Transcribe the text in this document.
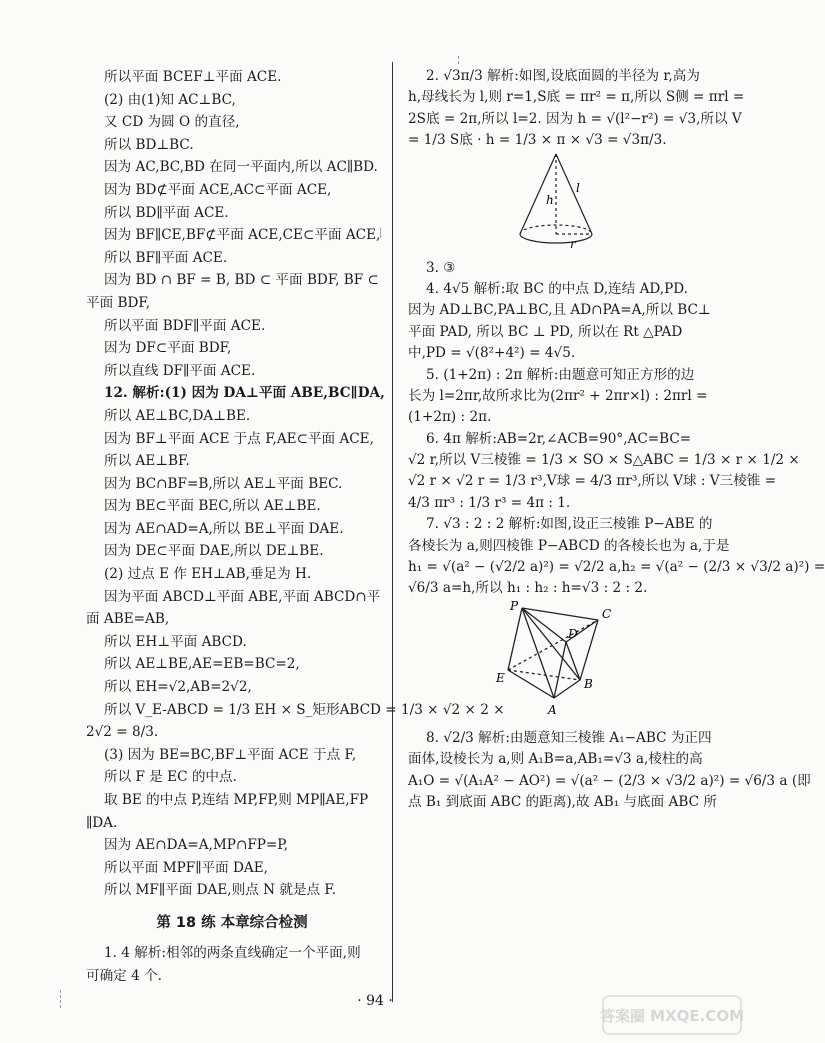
所以平面 BCEF⊥平面 ACE.
(2) 由(1)知 AC⊥BC,
又 CD 为圆 O 的直径,
所以 BD⊥BC.
因为 AC,BC,BD 在同一平面内,所以 AC∥BD.
因为 BD⊄平面 ACE,AC⊂平面 ACE,
所以 BD∥平面 ACE.
因为 BF∥CE,BF⊄平面 ACE,CE⊂平面 ACE,
所以 BF∥平面 ACE.
因为 BD ∩ BF = B, BD ⊂ 平面 BDF, BF ⊂
平面 BDF,
所以平面 BDF∥平面 ACE.
因为 DF⊂平面 BDF,
所以直线 DF∥平面 ACE.
12. 解析:(1) 因为 DA⊥平面 ABE,BC∥DA,
所以 AE⊥BC,DA⊥BE.
因为 BF⊥平面 ACE 于点 F,AE⊂平面 ACE,
所以 AE⊥BF.
因为 BC∩BF=B,所以 AE⊥平面 BEC.
因为 BE⊂平面 BEC,所以 AE⊥BE.
因为 AE∩AD=A,所以 BE⊥平面 DAE.
因为 DE⊂平面 DAE,所以 DE⊥BE.
(2) 过点 E 作 EH⊥AB,垂足为 H.
因为平面 ABCD⊥平面 ABE,平面 ABCD∩平
面 ABE=AB,
所以 EH⊥平面 ABCD.
所以 AE⊥BE,AE=EB=BC=2,
所以 EH=√2,AB=2√2,
所以 V_E-ABCD = 1/3 EH × S_矩形ABCD = 1/3 × √2 × 2 ×
2√2 = 8/3.
(3) 因为 BE=BC,BF⊥平面 ACE 于点 F,
所以 F 是 EC 的中点.
取 BE 的中点 P,连结 MP,FP,则 MP∥AE,FP
∥DA.
因为 AE∩DA=A,MP∩FP=P,
所以平面 MPF∥平面 DAE,
所以 MF∥平面 DAE,则点 N 就是点 F.
第 18 练 本章综合检测
1. 4 解析:相邻的两条直线确定一个平面,则
可确定 4 个.
2. √3π/3 解析:如图,设底面圆的半径为 r,高为
h,母线长为 l,则 r=1,S底 = πr² = π,所以 S侧 = πrl =
2S底 = 2π,所以 l=2. 因为 h = √(l²−r²) = √3,所以 V
= 1/3 S底 · h = 1/3 × π × √3 = √3π/3.
h
l
r
3. ③
4. 4√5 解析:取 BC 的中点 D,连结 AD,PD.
因为 AD⊥BC,PA⊥BC,且 AD∩PA=A,所以 BC⊥
平面 PAD, 所以 BC ⊥ PD, 所以在 Rt △PAD
中,PD = √(8²+4²) = 4√5.
5. (1+2π) : 2π 解析:由题意可知正方形的边
长为 l=2πr,故所求比为(2πr² + 2πr×l) : 2πrl =
(1+2π) : 2π.
6. 4π 解析:AB=2r,∠ACB=90°,AC=BC=
√2 r,所以 V三棱锥 = 1/3 × SO × S△ABC = 1/3 × r × 1/2 ×
√2 r × √2 r = 1/3 r³,V球 = 4/3 πr³,所以 V球 : V三棱锥 =
4/3 πr³ : 1/3 r³ = 4π : 1.
7. √3 : 2 : 2 解析:如图,设正三棱锥 P−ABE 的
各棱长为 a,则四棱锥 P−ABCD 的各棱长也为 a,于是
h₁ = √(a² − (√2/2 a)²) = √2/2 a,h₂ = √(a² − (2/3 × √3/2 a)²) =
√6/3 a=h,所以 h₁ : h₂ : h=√3 : 2 : 2.
P
C
D
E	B
A
8. √2/3 解析:由题意知三棱锥 A₁−ABC 为正四
面体,设棱长为 a,则 A₁B=a,AB₁=√3 a,棱柱的高
A₁O = √(A₁A² − AO²) = √(a² − (2/3 × √3/2 a)²) = √6/3 a (即
点 B₁ 到底面 ABC 的距离),故 AB₁ 与底面 ABC 所
· 94 ·
答案圈 MXQE.COM
